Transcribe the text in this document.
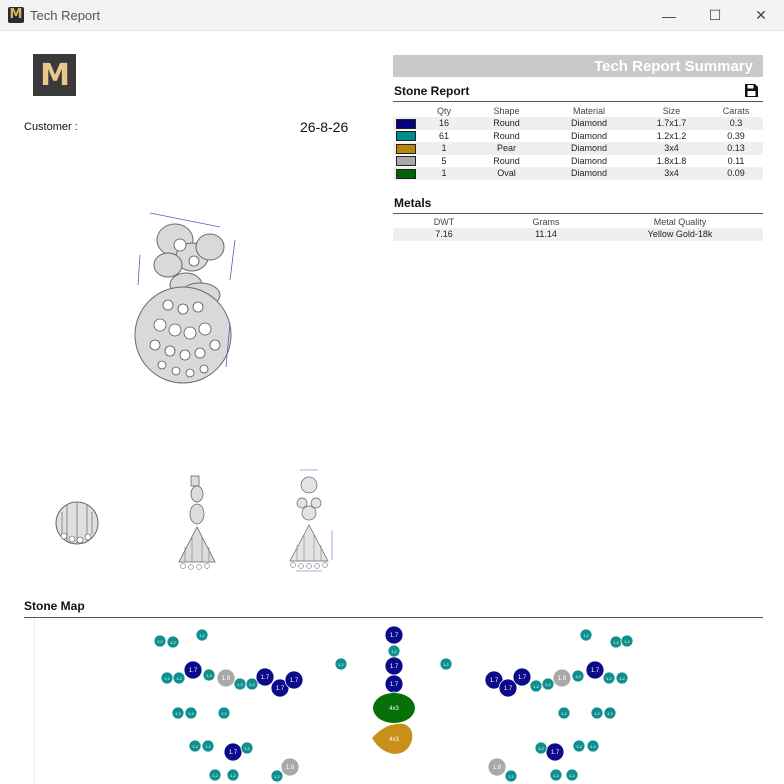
M Tech Report	—	☐	✕
M
Customer :	26-8-26
Tech Report Summary
Stone Report
	Qty	Shape	Material	Size	Carats
	16	Round	Diamond	1.7x1.7	0.3
	61	Round	Diamond	1.2x1.2	0.39
	1	Pear	Diamond	3x4	0.13
	5	Round	Diamond	1.8x1.8	0.11
	1	Oval	Diamond	3x4	0.09
Metals
DWT	Grams	Metal Quality
7.16	11.14	Yellow Gold-18k
Stone Map
1.2 1.2
1.2
1.2 1.2
1.7
1.2
1.8
1.2 1.2
1.7
1.7
1.7
1.2
1.7
1.2
1.7
1.7
1.2
1.2 1.2	1.2
1.2 1.2
1.7
1.2
1.2	1.2	1.2
1.8
1.2
1.2 1.2
1.7
1.7
1.7
1.2 1.2
1.8 1.2
1.7
1.2 1.2
1.2	1.2 1.2
1.7
1.2	1.2 1.2
1.8
1.2	1.2	1.2
4x3
4x3
